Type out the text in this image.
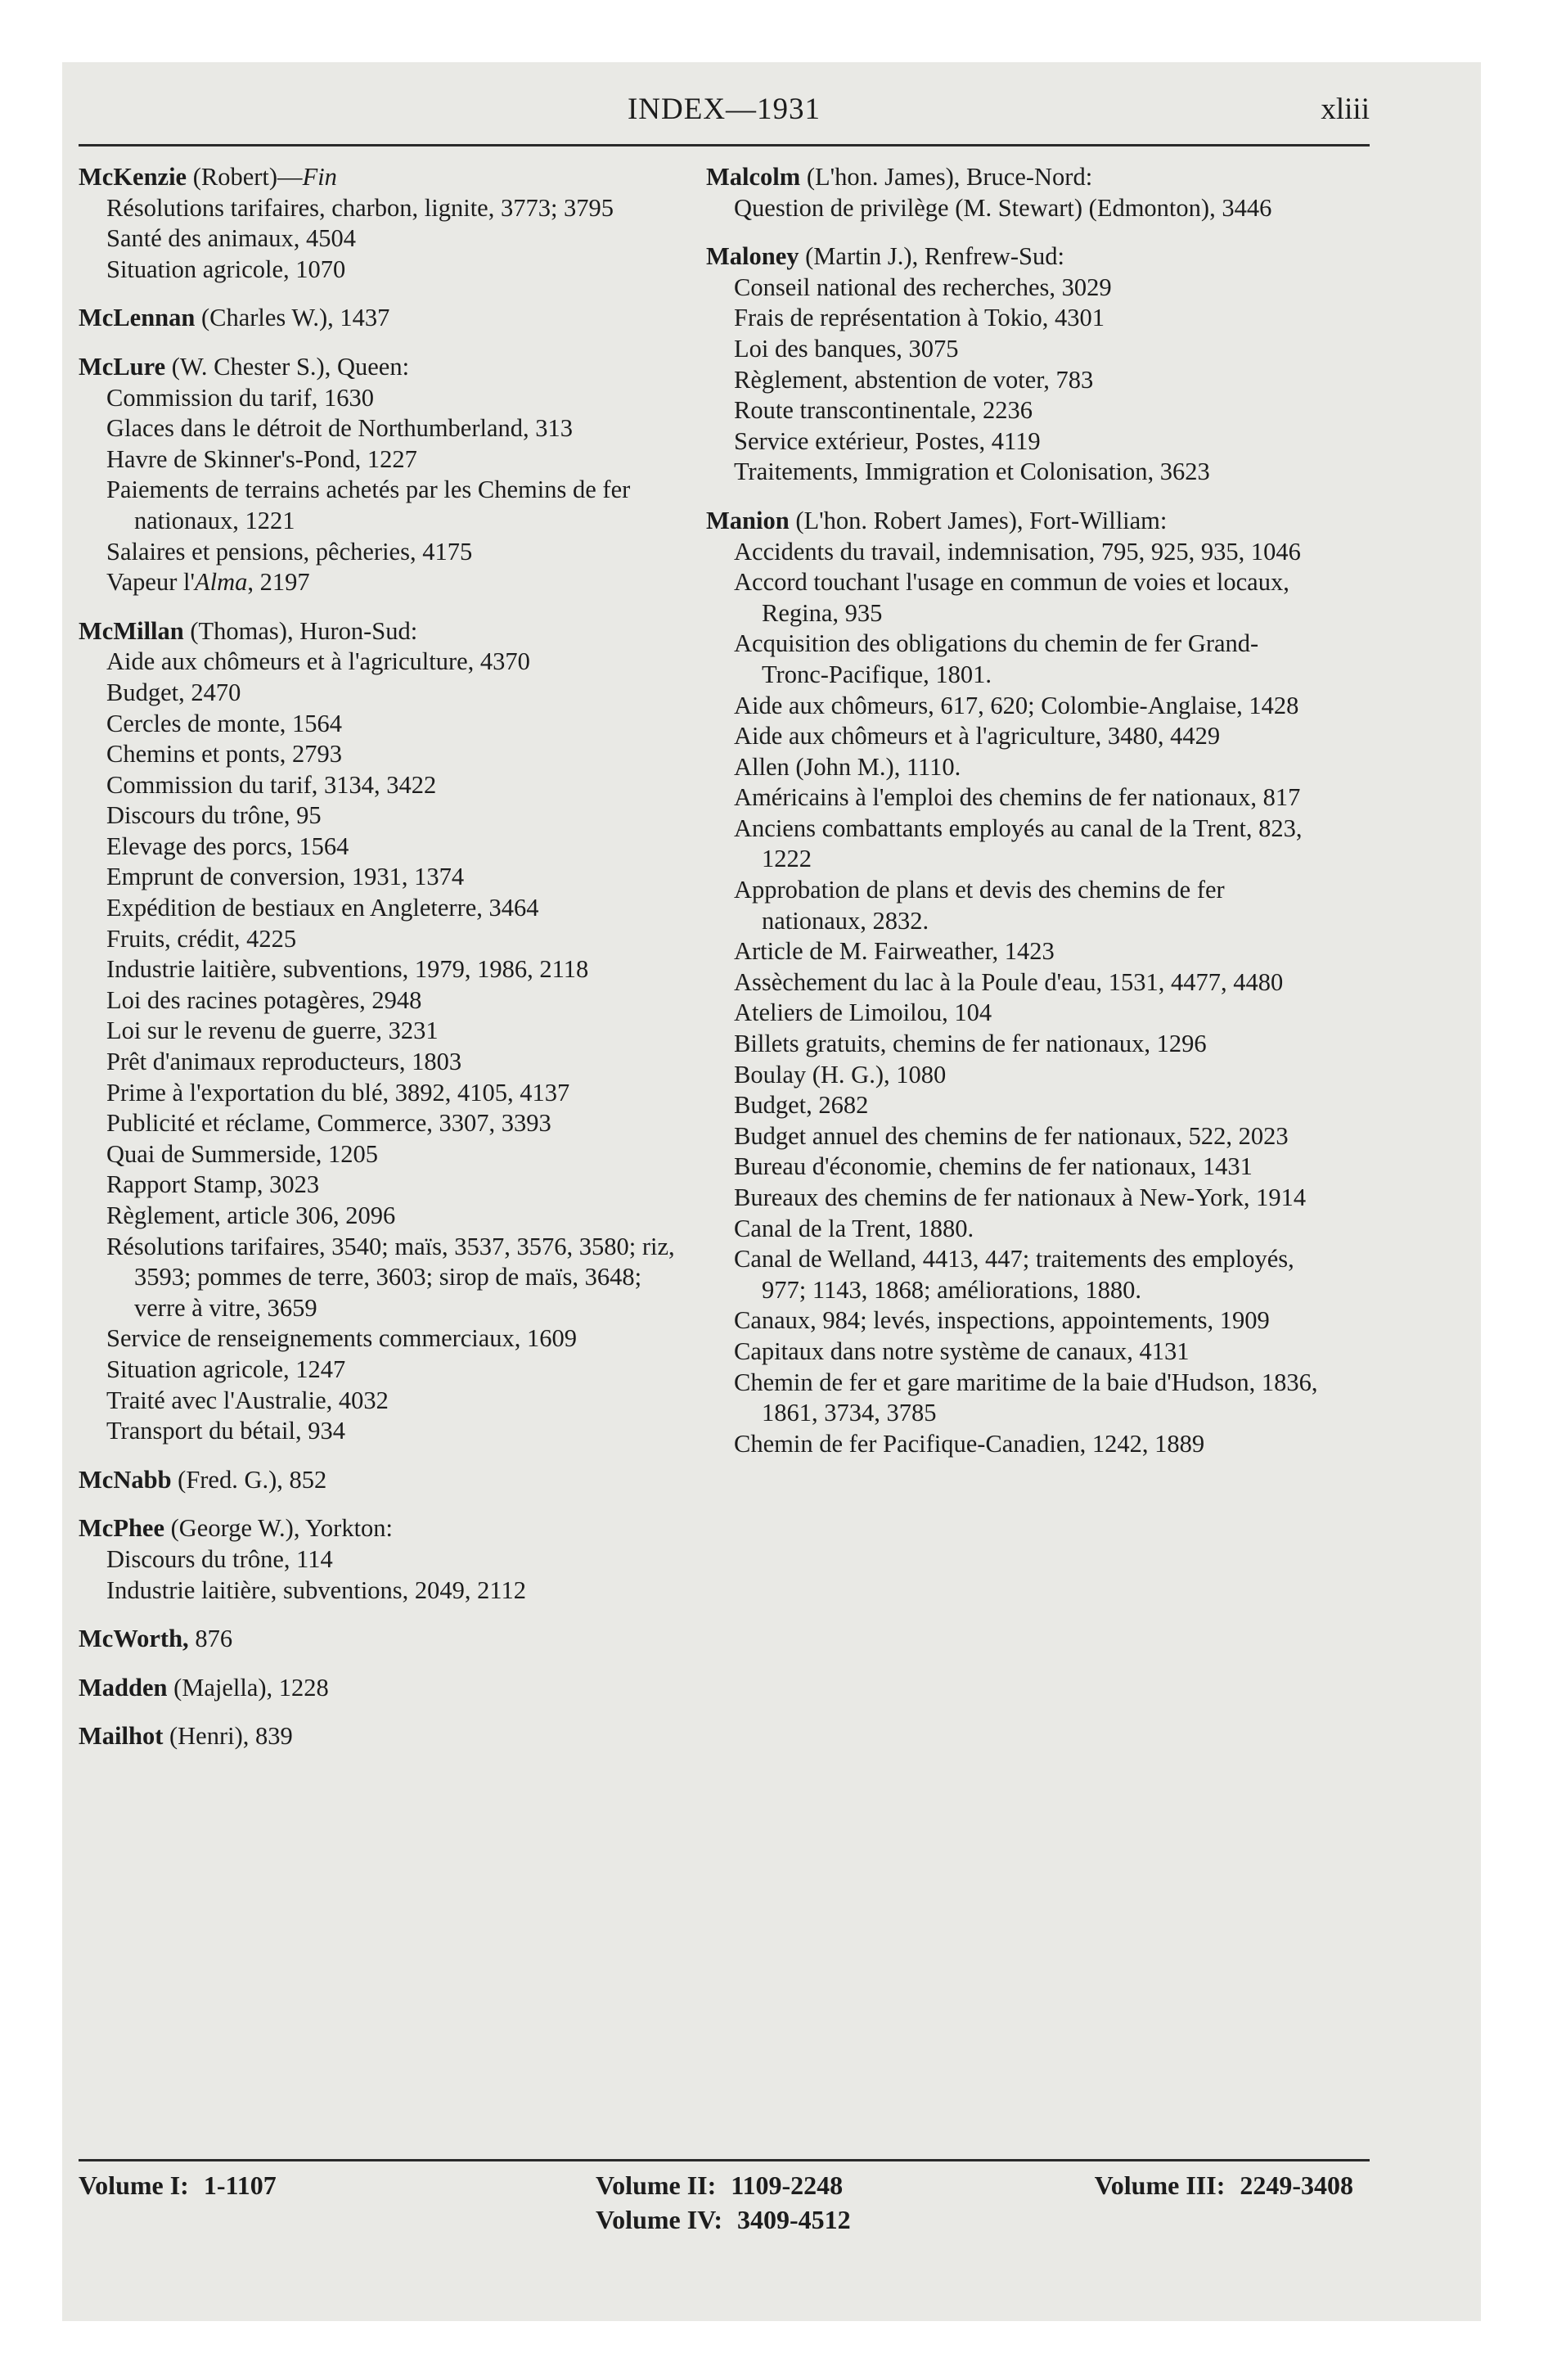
INDEX—1931	xliii
McKenzie (Robert)—Fin
Résolutions tarifaires, charbon, lignite, 3773; 3795
Santé des animaux, 4504
Situation agricole, 1070
McLennan (Charles W.), 1437
McLure (W. Chester S.), Queen:
Commission du tarif, 1630
Glaces dans le détroit de Northumberland, 313
Havre de Skinner's-Pond, 1227
Paiements de terrains achetés par les Chemins de fer nationaux, 1221
Salaires et pensions, pêcheries, 4175
Vapeur l'Alma, 2197
McMillan (Thomas), Huron-Sud:
Aide aux chômeurs et à l'agriculture, 4370
Budget, 2470
Cercles de monte, 1564
Chemins et ponts, 2793
Commission du tarif, 3134, 3422
Discours du trône, 95
Elevage des porcs, 1564
Emprunt de conversion, 1931, 1374
Expédition de bestiaux en Angleterre, 3464
Fruits, crédit, 4225
Industrie laitière, subventions, 1979, 1986, 2118
Loi des racines potagères, 2948
Loi sur le revenu de guerre, 3231
Prêt d'animaux reproducteurs, 1803
Prime à l'exportation du blé, 3892, 4105, 4137
Publicité et réclame, Commerce, 3307, 3393
Quai de Summerside, 1205
Rapport Stamp, 3023
Règlement, article 306, 2096
Résolutions tarifaires, 3540; maïs, 3537, 3576, 3580; riz, 3593; pommes de terre, 3603; sirop de maïs, 3648; verre à vitre, 3659
Service de renseignements commerciaux, 1609
Situation agricole, 1247
Traité avec l'Australie, 4032
Transport du bétail, 934
McNabb (Fred. G.), 852
McPhee (George W.), Yorkton:
Discours du trône, 114
Industrie laitière, subventions, 2049, 2112
McWorth, 876
Madden (Majella), 1228
Mailhot (Henri), 839
Malcolm (L'hon. James), Bruce-Nord:
Question de privilège (M. Stewart) (Edmonton), 3446
Maloney (Martin J.), Renfrew-Sud:
Conseil national des recherches, 3029
Frais de représentation à Tokio, 4301
Loi des banques, 3075
Règlement, abstention de voter, 783
Route transcontinentale, 2236
Service extérieur, Postes, 4119
Traitements, Immigration et Colonisation, 3623
Manion (L'hon. Robert James), Fort-William:
Accidents du travail, indemnisation, 795, 925, 935, 1046
Accord touchant l'usage en commun de voies et locaux, Regina, 935
Acquisition des obligations du chemin de fer Grand-Tronc-Pacifique, 1801.
Aide aux chômeurs, 617, 620; Colombie-Anglaise, 1428
Aide aux chômeurs et à l'agriculture, 3480, 4429
Allen (John M.), 1110.
Américains à l'emploi des chemins de fer nationaux, 817
Anciens combattants employés au canal de la Trent, 823, 1222
Approbation de plans et devis des chemins de fer nationaux, 2832.
Article de M. Fairweather, 1423
Assèchement du lac à la Poule d'eau, 1531, 4477, 4480
Ateliers de Limoilou, 104
Billets gratuits, chemins de fer nationaux, 1296
Boulay (H. G.), 1080
Budget, 2682
Budget annuel des chemins de fer nationaux, 522, 2023
Bureau d'économie, chemins de fer nationaux, 1431
Bureaux des chemins de fer nationaux à New-York, 1914
Canal de la Trent, 1880.
Canal de Welland, 4413, 447; traitements des employés, 977; 1143, 1868; améliorations, 1880.
Canaux, 984; levés, inspections, appointements, 1909
Capitaux dans notre système de canaux, 4131
Chemin de fer et gare maritime de la baie d'Hudson, 1836, 1861, 3734, 3785
Chemin de fer Pacifique-Canadien, 1242, 1889
Volume I: 1-1107	Volume II: 1109-2248
Volume IV: 3409-4512
Volume III: 2249-3408
